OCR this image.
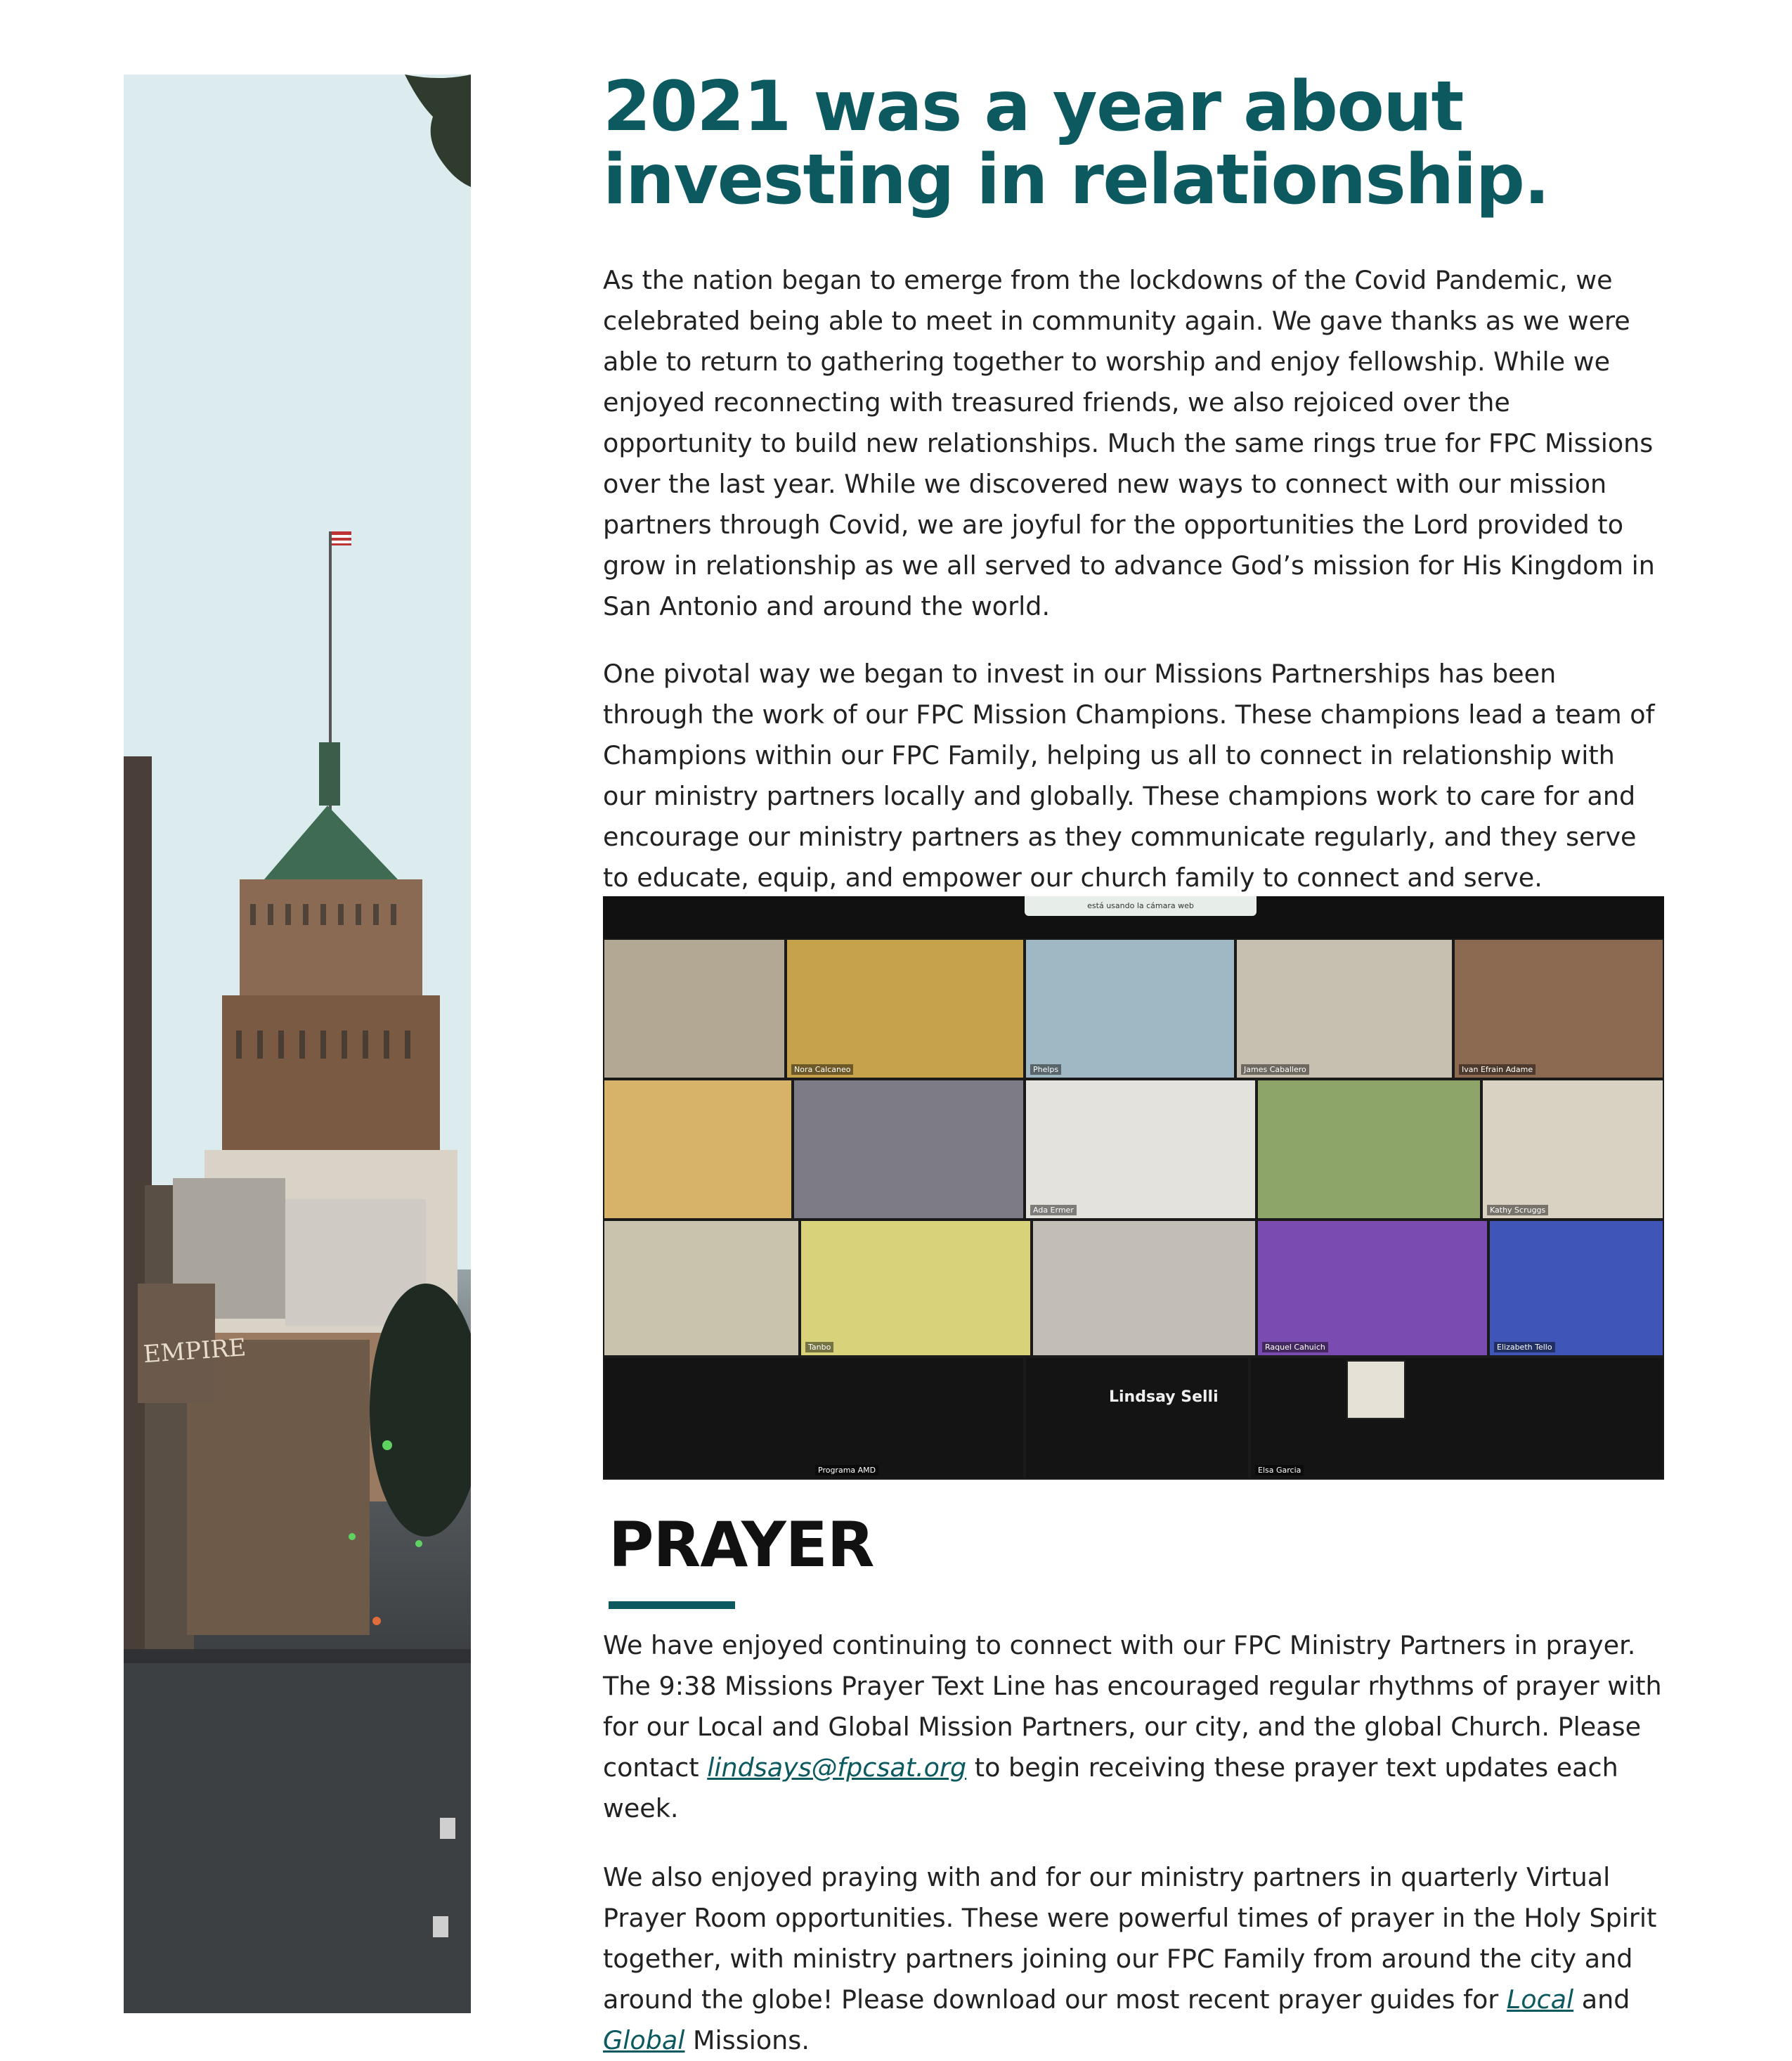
EMPIRE
2021 was a year about investing in relationship.

As the nation began to emerge from the lockdowns of the Covid Pandemic, we celebrated being able to meet in community again. We gave thanks as we were able to return to gathering together to worship and enjoy fellowship. While we enjoyed reconnecting with treasured friends, we also rejoiced over the opportunity to build new relationships. Much the same rings true for FPC Missions over the last year. While we discovered new ways to connect with our mission partners through Covid, we are joyful for the opportunities the Lord provided to grow in relationship as we all served to advance God’s mission for His Kingdom in San Antonio and around the world.

One pivotal way we began to invest in our Missions Partnerships has been through the work of our FPC Mission Champions. These champions lead a team of Champions within our FPC Family, helping us all to connect in relationship with our ministry partners locally and globally. These champions work to care for and encourage our ministry partners as they communicate regularly, and they serve to educate, equip, and empower our church family to connect and serve.

está usando la cámara web
Nora Calcaneo	Phelps	James Caballero	Ivan Efrain Adame
Ada Ermer	Kathy Scruggs
Tanbo	Raquel Cahuich	Elizabeth Tello
Programa AMD	Elsa Garcia
Lindsay Selli
PRAYER

We have enjoyed continuing to connect with our FPC Ministry Partners in prayer. The 9:38 Missions Prayer Text Line has encouraged regular rhythms of prayer with for our Local and Global Mission Partners, our city, and the global Church. Please contact lindsays@fpcsat.org to begin receiving these prayer text updates each week.

We also enjoyed praying with and for our ministry partners in quarterly Virtual Prayer Room opportunities. These were powerful times of prayer in the Holy Spirit together, with ministry partners joining our FPC Family from around the city and around the globe! Please download our most recent prayer guides for Local and Global Missions.
